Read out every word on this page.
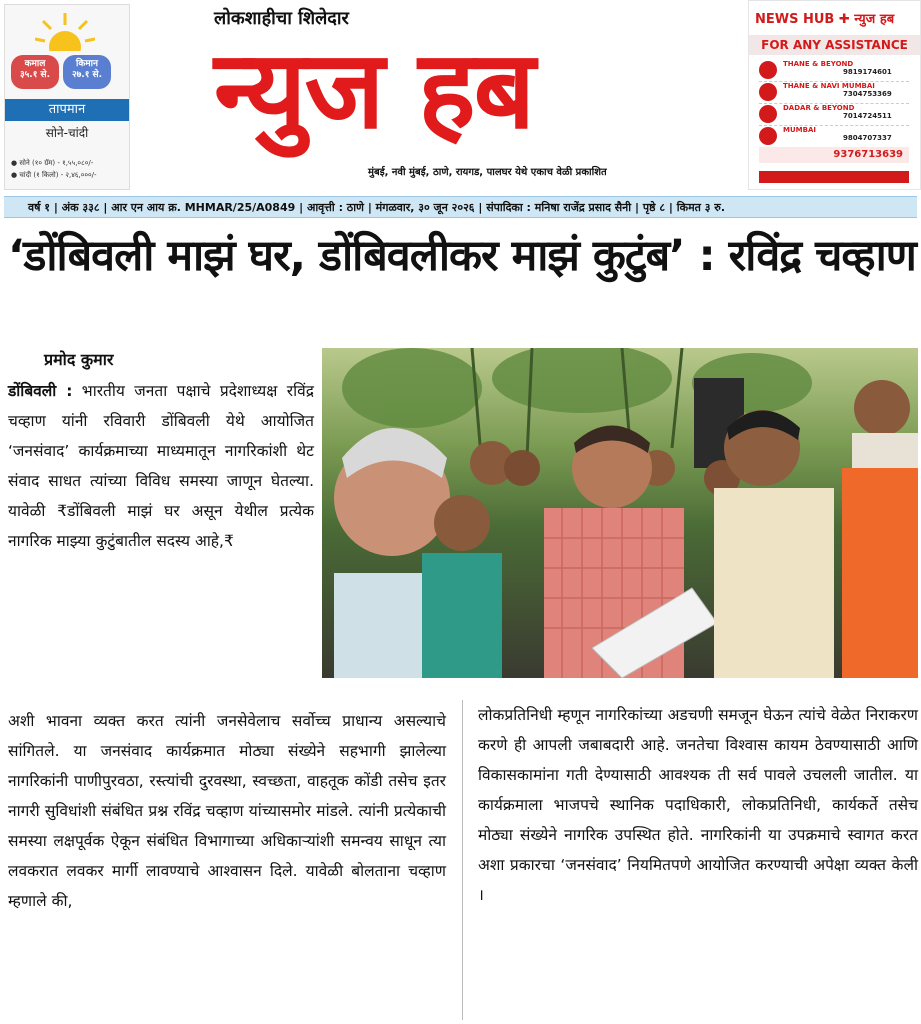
कमाल
३५.१ से.
किमान
२७.१ से.
तापमान
सोने-चांदी
● सोने (१० ग्रॅम) - १,५५,०८०/-
● चांदी (१ किलो) - २,४६,०००/-
लोकशाहीचा शिलेदार
न्युज हब
मुंबई, नवी मुंबई, ठाणे, रायगड, पालघर येथे एकाच वेळी प्रकाशित
NEWS HUB ✚ न्युज हब
FOR ANY ASSISTANCE
THANE & BEYOND
9819174601
THANE & NAVI MUMBAI
7304753369
DADAR & BEYOND
7014724511
MUMBAI
9804707337
9376713639
वर्ष १ | अंक ३३८ | आर एन आय क्र. MHMAR/25/A0849 | आवृत्ती : ठाणे | मंगळवार, ३० जून २०२६ | संपादिका : मनिषा राजेंद्र प्रसाद सैनी | पृष्ठे ८ | किमत ३ रु.
‘डोंबिवली माझं घर, डोंबिवलीकर माझं कुटुंब’ : रविंद्र चव्हाण
प्रमोद कुमार
डोंबिवली : भारतीय जनता पक्षाचे प्रदेशाध्यक्ष रविंद्र चव्हाण यांनी रविवारी डोंबिवली येथे आयोजित ‘जनसंवाद’ कार्यक्रमाच्या माध्यमातून नागरिकांशी थेट संवाद साधत त्यांच्या विविध समस्या जाणून घेतल्या. यावेळी ₹डोंबिवली माझं घर असून येथील प्रत्येक नागरिक माझ्या कुटुंबातील सदस्य आहे,₹
अशी भावना व्यक्त करत त्यांनी जनसेवेलाच सर्वोच्च प्राधान्य असल्याचे सांगितले. या जनसंवाद कार्यक्रमात मोठ्या संख्येने सहभागी झालेल्या नागरिकांनी पाणीपुरवठा, रस्त्यांची दुरवस्था, स्वच्छता, वाहतूक कोंडी तसेच इतर नागरी सुविधांशी संबंधित प्रश्न रविंद्र चव्हाण यांच्यासमोर मांडले. त्यांनी प्रत्येकाची समस्या लक्षपूर्वक ऐकून संबंधित विभागाच्या अधिकाऱ्यांशी समन्वय साधून त्या लवकरात लवकर मार्गी लावण्याचे आश्वासन दिले. यावेळी बोलताना चव्हाण म्हणाले की,
लोकप्रतिनिधी म्हणून नागरिकांच्या अडचणी समजून घेऊन त्यांचे वेळेत निराकरण करणे ही आपली जबाबदारी आहे. जनतेचा विश्वास कायम ठेवण्यासाठी आणि विकासकामांना गती देण्यासाठी आवश्यक ती सर्व पावले उचलली जातील. या कार्यक्रमाला भाजपचे स्थानिक पदाधिकारी, लोकप्रतिनिधी, कार्यकर्ते तसेच मोठ्या संख्येने नागरिक उपस्थित होते. नागरिकांनी या उपक्रमाचे स्वागत करत अशा प्रकारचा ‘जनसंवाद’ नियमितपणे आयोजित करण्याची अपेक्षा व्यक्त केली ।
